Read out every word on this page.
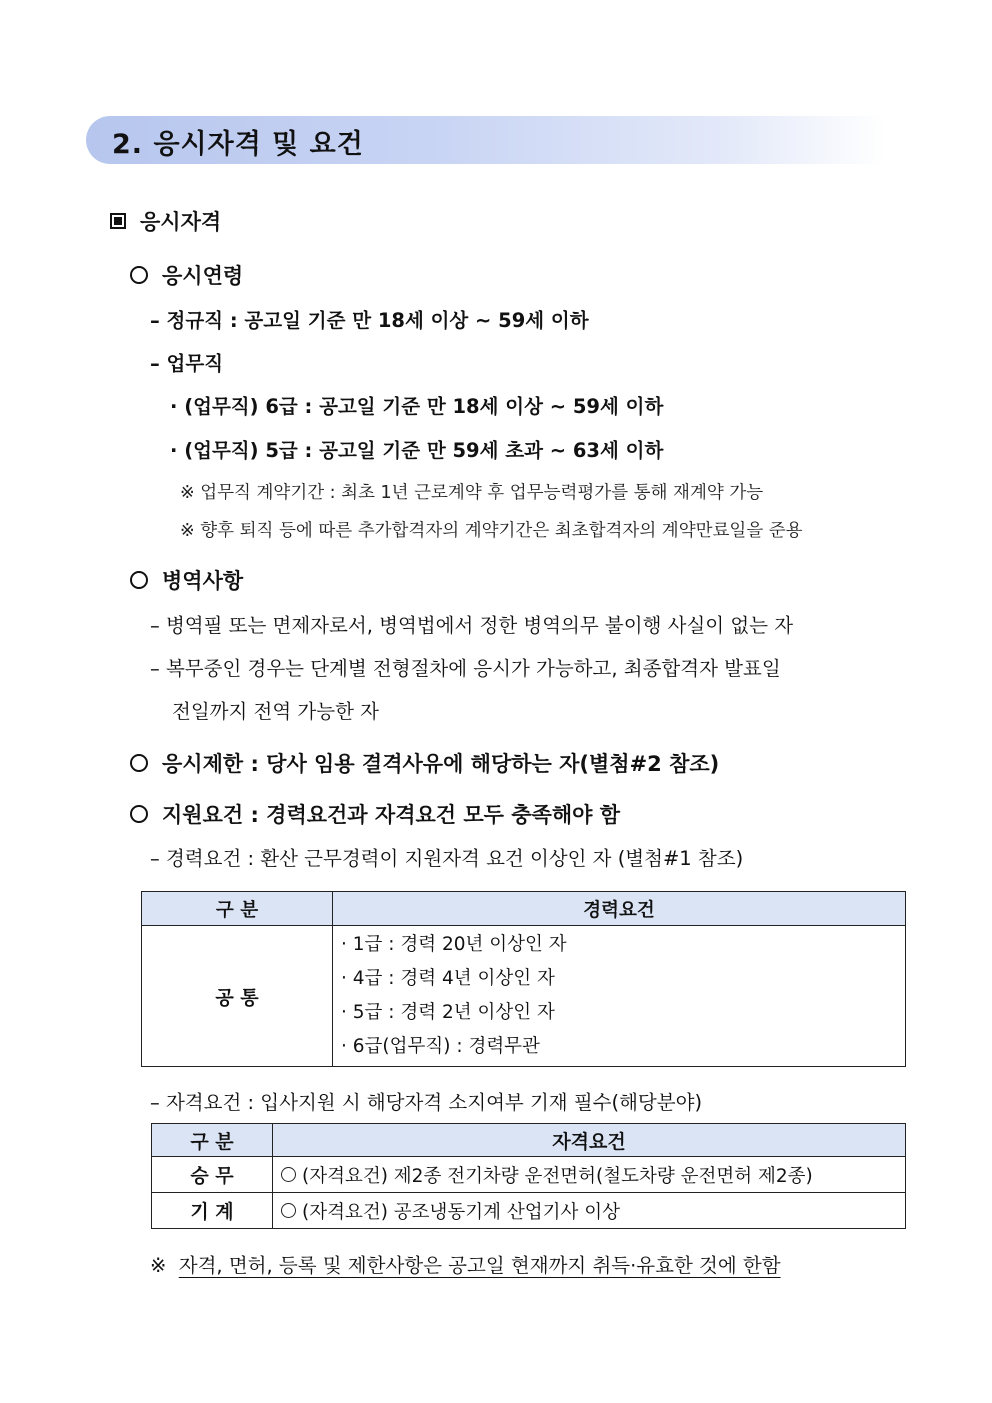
2. 응시자격 및 요건
응시자격
응시연령
– 정규직 : 공고일 기준 만 18세 이상 ~ 59세 이하
– 업무직
· (업무직) 6급 : 공고일 기준 만 18세 이상 ~ 59세 이하
· (업무직) 5급 : 공고일 기준 만 59세 초과 ~ 63세 이하
※ 업무직 계약기간 : 최초 1년 근로계약 후 업무능력평가를 통해 재계약 가능
※ 향후 퇴직 등에 따른 추가합격자의 계약기간은 최초합격자의 계약만료일을 준용
병역사항
– 병역필 또는 면제자로서, 병역법에서 정한 병역의무 불이행 사실이 없는 자
– 복무중인 경우는 단계별 전형절차에 응시가 가능하고, 최종합격자 발표일
전일까지 전역 가능한 자
응시제한 : 당사 임용 결격사유에 해당하는 자(별첨#2 참조)
지원요건 : 경력요건과 자격요건 모두 충족해야 함
– 경력요건 : 환산 근무경력이 지원자격 요건 이상인 자 (별첨#1 참조)
구 분	경력요건
공 통	· 1급 : 경력 20년 이상인 자
· 4급 : 경력 4년 이상인 자
· 5급 : 경력 2년 이상인 자
· 6급(업무직) : 경력무관
– 자격요건 : 입사지원 시 해당자격 소지여부 기재 필수(해당분야)
구 분	자격요건
승 무	(자격요건) 제2종 전기차량 운전면허(철도차량 운전면허 제2종)
기 계	(자격요건) 공조냉동기계 산업기사 이상
※ 자격, 면허, 등록 및 제한사항은 공고일 현재까지 취득·유효한 것에 한함
